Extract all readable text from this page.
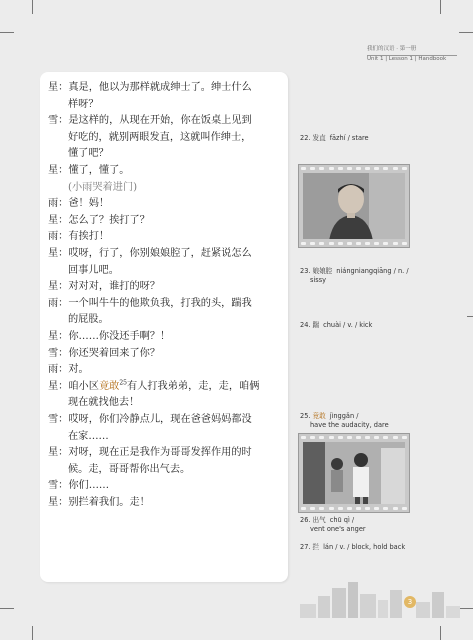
我们的汉语 · 第一册
Unit 1 | Lesson 1 | Handbook
星：真是，他以为那样就成绅士了。绅士什么
样呀？
雪：是这样的，从现在开始，你在饭桌上见到
好吃的，就别两眼发直，这就叫作绅士，
懂了吧？
星：懂了，懂了。
(小雨哭着进门)
雨：爸！妈！
星：怎么了？挨打了？
雨：有挨打！
星：哎呀，行了，你别娘娘腔了，赶紧说怎么
回事儿吧。
星：对对对，谁打的呀？
雨：一个叫牛牛的他欺负我，打我的头，踹我
的屁股。
星：你……你没还手啊？！
雪：你还哭着回来了你？
雨：对。
星：咱小区竟敢$^{25}$有人打我弟弟，走，走，咱俩
现在就找他去！
雪：哎呀，你们冷静点儿，现在爸爸妈妈都没
在家……
星：对呀，现在正是我作为哥哥发挥作用的时
候。走，哥哥帮你出气去。
雪：你们……
星：别拦着我们。走！
22. 发直 fāzhí / stare
23. 娘娘腔 niángniangqiāng / n. /
sissy
24. 踹 chuài / v. / kick
25. 竟敢 jìnggǎn /
have the audacity, dare
26. 出气 chū qì /
vent one's anger
27. 拦 lán / v. / block, hold back
3
